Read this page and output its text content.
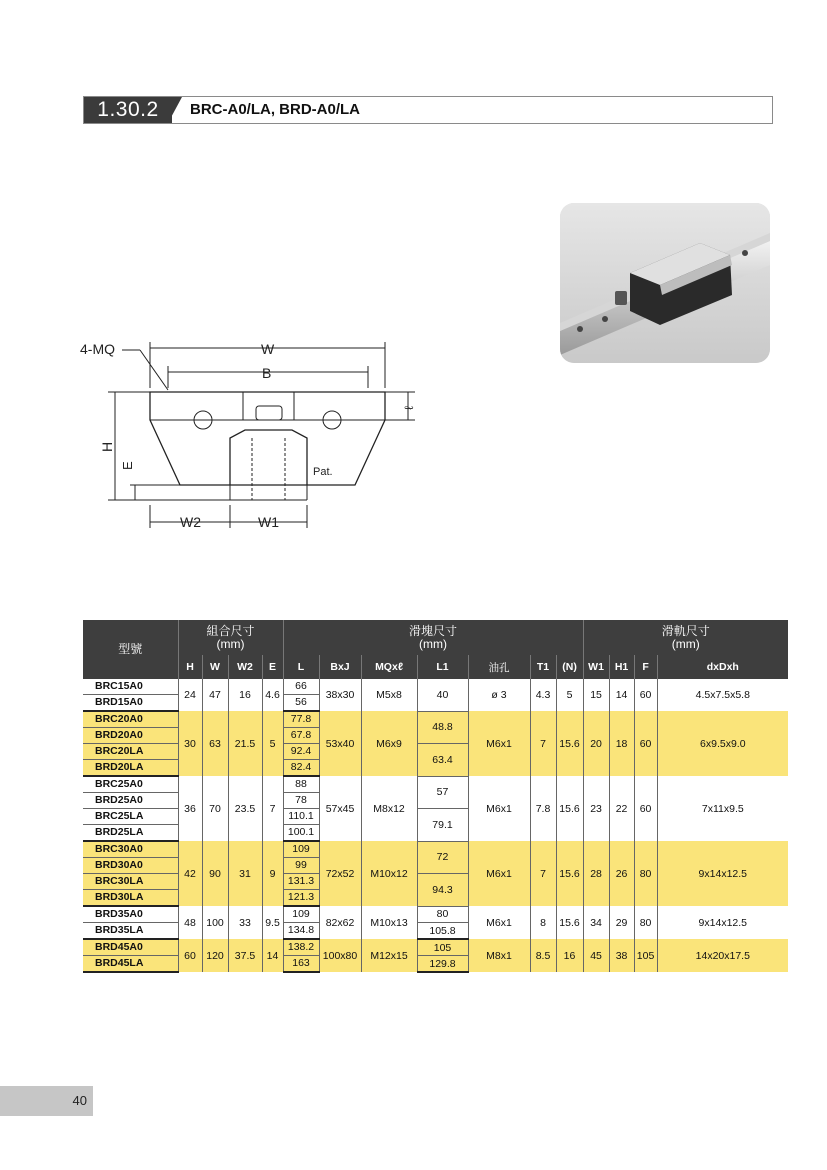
1.30.2	BRC-A0/LA, BRD-A0/LA
4-MQ	W
B
H
E
ℓ
Pat.
W2	W1
型號	組合尺寸
(mm)				滑塊尺寸
(mm)							滑軌尺寸
(mm)			
	H	W	W2	E	L	BxJ	MQxℓ	L1	油孔	T1	(N)	W1	H1	F	dxDxh
BRC15A0	24	47	16	4.6	66	38x30	M5x8	40	ø 3	4.3	5	15	14	60	4.5x7.5x5.8
BRD15A0					56										
BRC20A0	30	63	21.5	5	77.8	53x40	M6x9	48.8	M6x1	7	15.6	20	18	60	6x9.5x9.0
BRD20A0					67.8										
BRC20LA					92.4			63.4							
BRD20LA					82.4										
BRC25A0	36	70	23.5	7	88	57x45	M8x12	57	M6x1	7.8	15.6	23	22	60	7x11x9.5
BRD25A0					78										
BRC25LA					110.1			79.1							
BRD25LA					100.1										
BRC30A0	42	90	31	9	109	72x52	M10x12	72	M6x1	7	15.6	28	26	80	9x14x12.5
BRD30A0					99										
BRC30LA					131.3			94.3							
BRD30LA					121.3										
BRD35A0	48	100	33	9.5	109	82x62	M10x13	80	M6x1	8	15.6	34	29	80	9x14x12.5
BRD35LA					134.8			105.8							
BRD45A0	60	120	37.5	14	138.2	100x80	M12x15	105	M8x1	8.5	16	45	38	105	14x20x17.5
BRD45LA					163			129.8							
40
